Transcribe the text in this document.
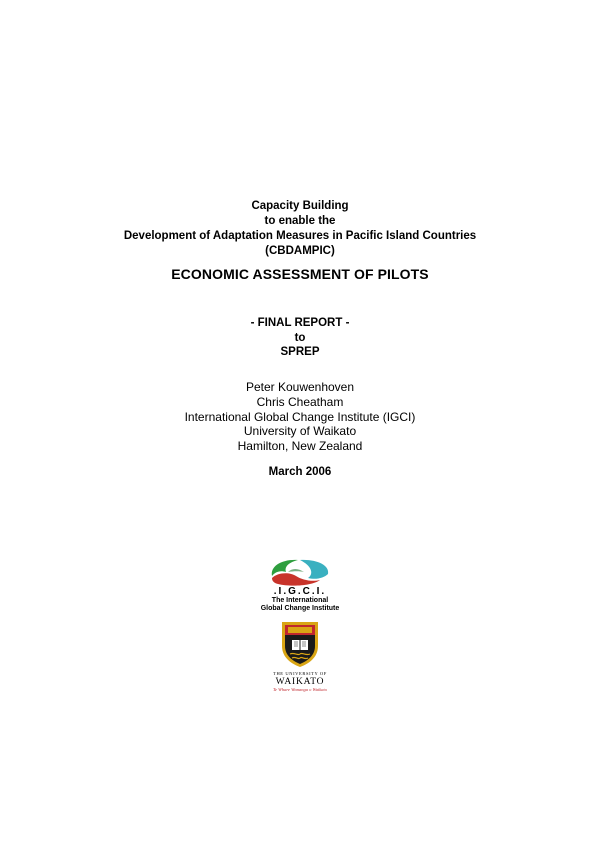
Capacity Building
to enable the
Development of Adaptation Measures in Pacific Island Countries
(CBDAMPIC)
ECONOMIC ASSESSMENT OF PILOTS
- FINAL REPORT -
to
SPREP
Peter Kouwenhoven
Chris Cheatham
International Global Change Institute (IGCI)
University of Waikato
Hamilton, New Zealand
March 2006
.I.G.C.I.
The International
Global Change Institute
THE UNIVERSITY OF
WAIKATO
Te Whare Wananga o Waikato
